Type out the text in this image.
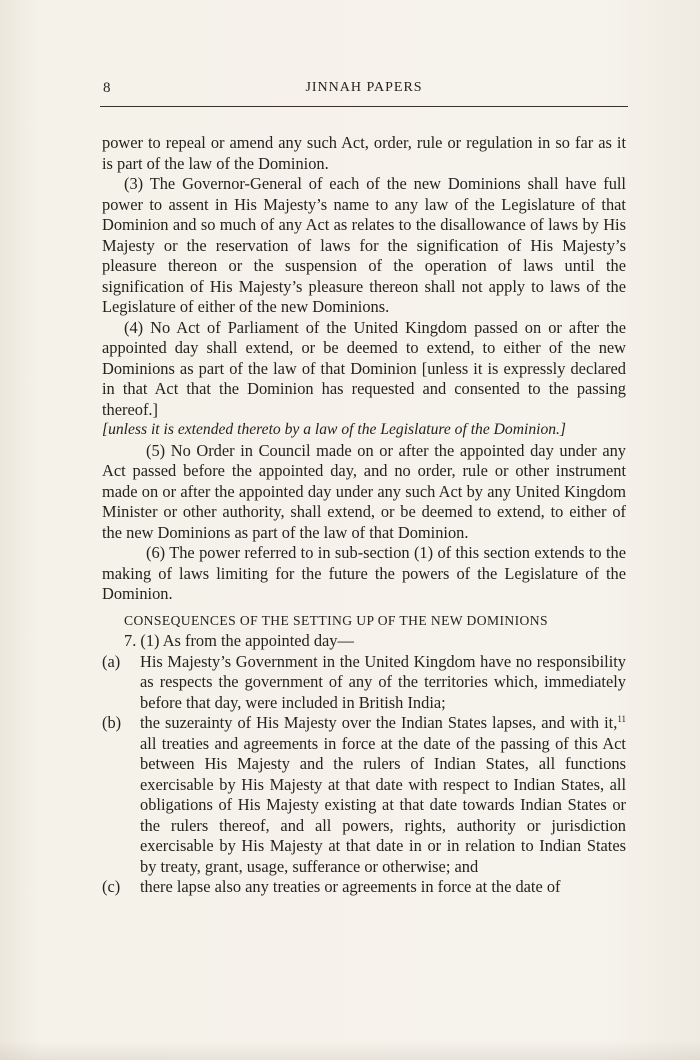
8	JINNAH PAPERS

power to repeal or amend any such Act, order, rule or regulation in so far as it is part of the law of the Dominion.

(3) The Governor-General of each of the new Dominions shall have full power to assent in His Majesty’s name to any law of the Legislature of that Dominion and so much of any Act as relates to the disallowance of laws by His Majesty or the reservation of laws for the signification of His Majesty’s pleasure thereon or the suspension of the operation of laws until the signification of His Majesty’s pleasure thereon shall not apply to laws of the Legislature of either of the new Dominions.

(4) No Act of Parliament of the United Kingdom passed on or after the appointed day shall extend, or be deemed to extend, to either of the new Dominions as part of the law of that Dominion [unless it is expressly declared in that Act that the Dominion has requested and consented to the passing thereof.]

[unless it is extended thereto by a law of the Legislature of the Dominion.]

(5) No Order in Council made on or after the appointed day under any Act passed before the appointed day, and no order, rule or other instrument made on or after the appointed day under any such Act by any United Kingdom Minister or other authority, shall extend, or be deemed to extend, to either of the new Dominions as part of the law of that Dominion.

(6) The power referred to in sub-section (1) of this section extends to the making of laws limiting for the future the powers of the Legislature of the Dominion.

CONSEQUENCES OF THE SETTING UP OF THE NEW DOMINIONS

7. (1) As from the appointed day—

(a) His Majesty’s Government in the United Kingdom have no responsibility as respects the government of any of the territories which, immediately before that day, were included in British India;
(b) the suzerainty of His Majesty over the Indian States lapses, and with it,$^{11}$ all treaties and agreements in force at the date of the passing of this Act between His Majesty and the rulers of Indian States, all functions exercisable by His Majesty at that date with respect to Indian States, all obligations of His Majesty existing at that date towards Indian States or the rulers thereof, and all powers, rights, authority or jurisdiction exercisable by His Majesty at that date in or in relation to Indian States by treaty, grant, usage, sufferance or otherwise; and
(c) there lapse also any treaties or agreements in force at the date of
